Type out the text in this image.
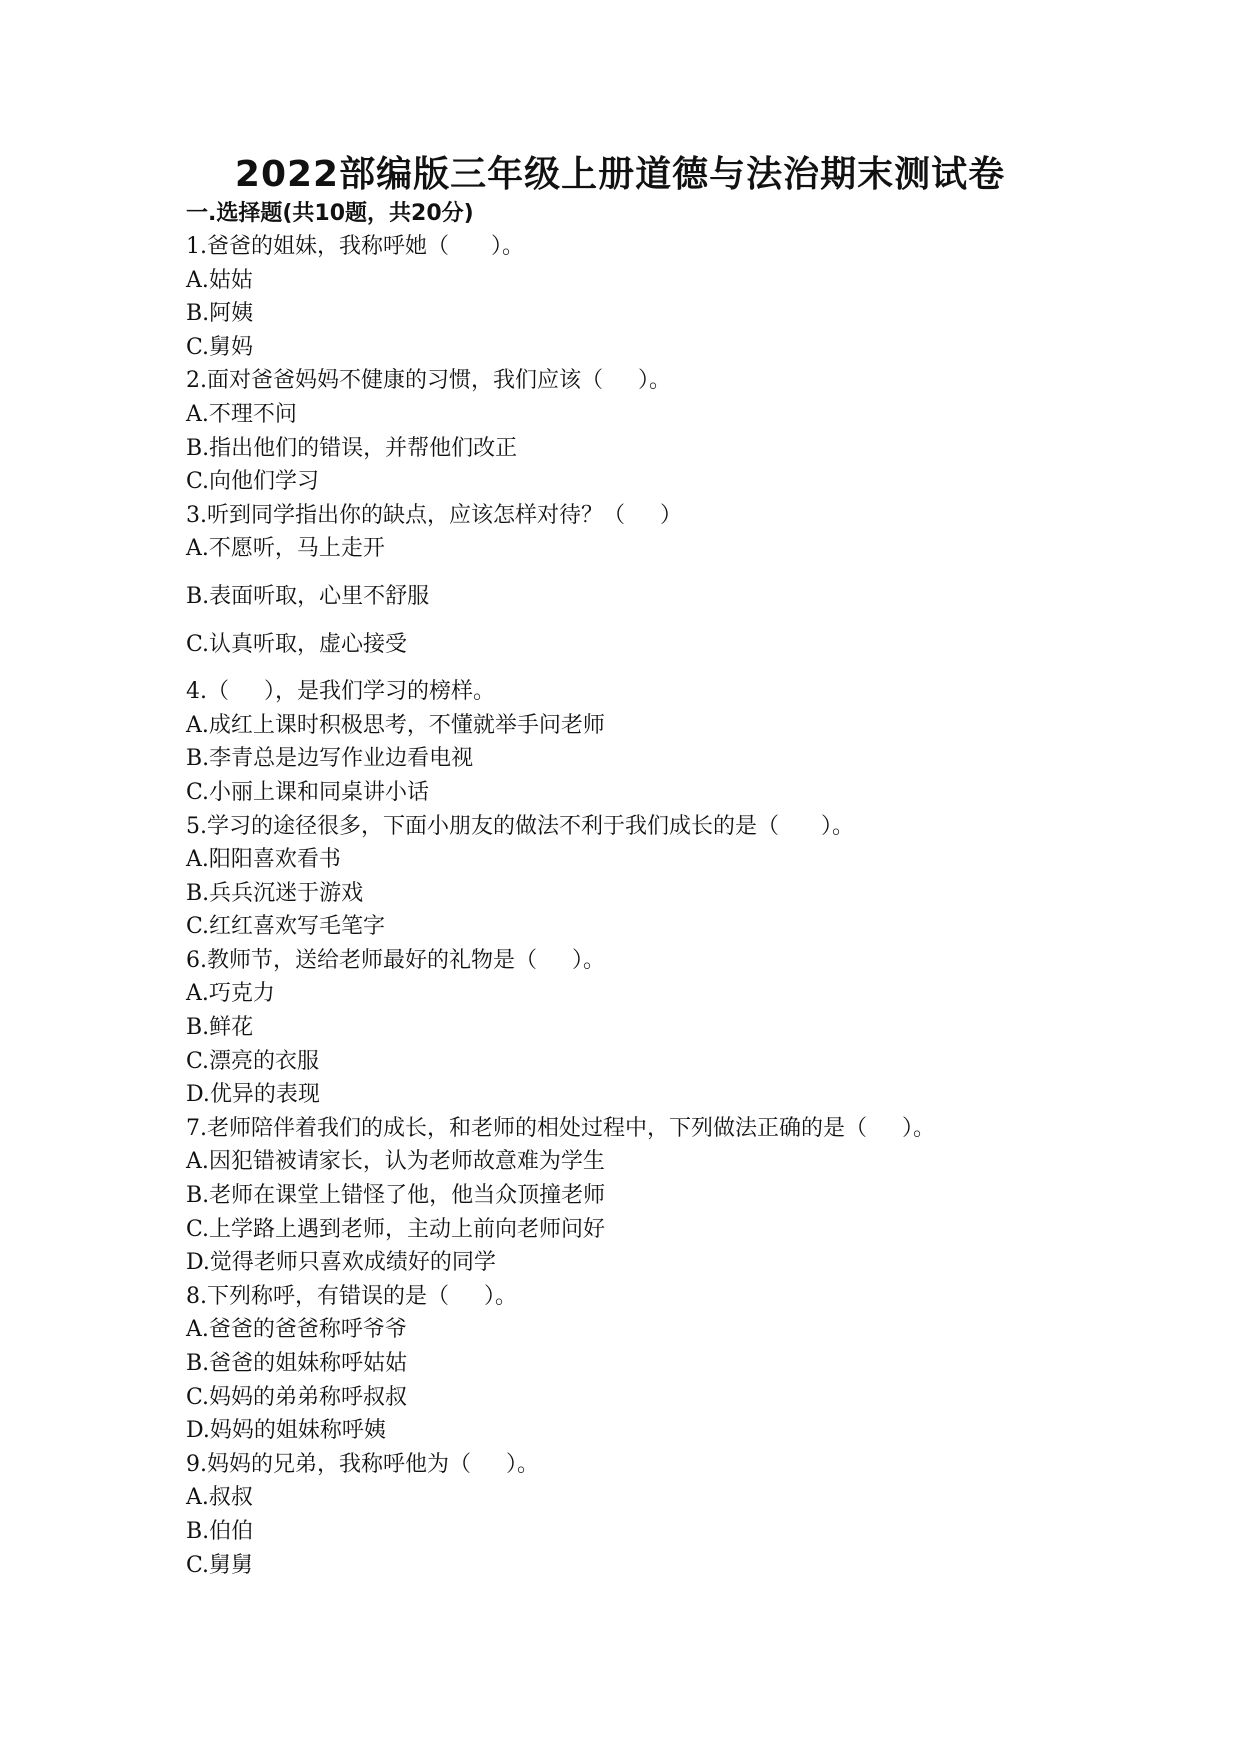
2022部编版三年级上册道德与法治期末测试卷
一.选择题(共10题，共20分)
1.爸爸的姐妹，我称呼她（      ）。
A.姑姑
B.阿姨
C.舅妈
2.面对爸爸妈妈不健康的习惯，我们应该（     ）。
A.不理不问
B.指出他们的错误，并帮他们改正
C.向他们学习
3.听到同学指出你的缺点，应该怎样对待？（     ）
A.不愿听，马上走开
B.表面听取，心里不舒服
C.认真听取，虚心接受
4.（     ），是我们学习的榜样。
A.成红上课时积极思考，不懂就举手问老师
B.李青总是边写作业边看电视
C.小丽上课和同桌讲小话
5.学习的途径很多，下面小朋友的做法不利于我们成长的是（      ）。
A.阳阳喜欢看书
B.兵兵沉迷于游戏
C.红红喜欢写毛笔字
6.教师节，送给老师最好的礼物是（     ）。
A.巧克力
B.鲜花
C.漂亮的衣服
D.优异的表现
7.老师陪伴着我们的成长，和老师的相处过程中，下列做法正确的是（     ）。
A.因犯错被请家长，认为老师故意难为学生
B.老师在课堂上错怪了他，他当众顶撞老师
C.上学路上遇到老师，主动上前向老师问好
D.觉得老师只喜欢成绩好的同学
8.下列称呼，有错误的是（     ）。
A.爸爸的爸爸称呼爷爷
B.爸爸的姐妹称呼姑姑
C.妈妈的弟弟称呼叔叔
D.妈妈的姐妹称呼姨
9.妈妈的兄弟，我称呼他为（     ）。
A.叔叔
B.伯伯
C.舅舅
